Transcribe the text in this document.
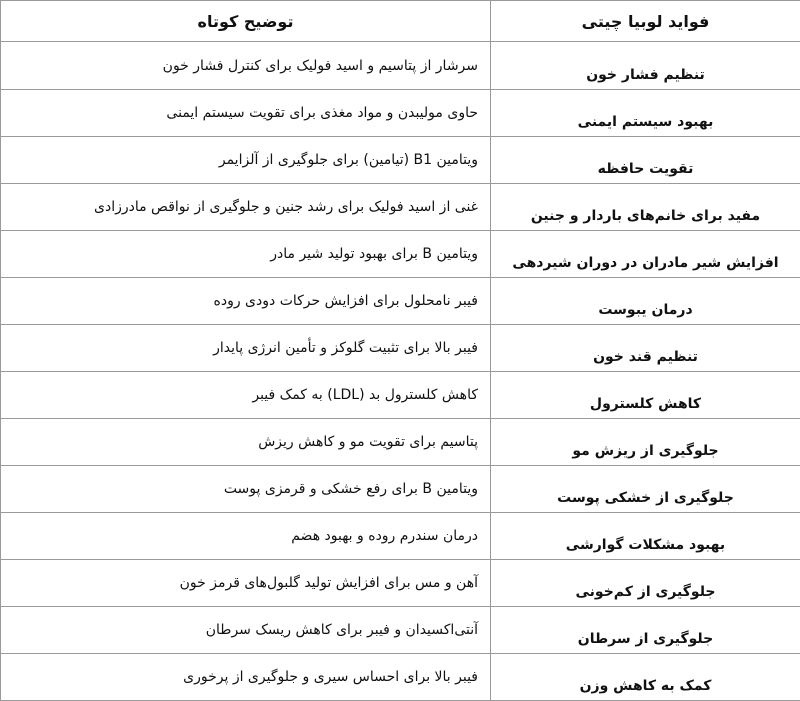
فواید لوبیا چیتی	توضیح کوتاه
تنظیم فشار خون	سرشار از پتاسیم و اسید فولیک برای کنترل فشار خون
بهبود سیستم ایمنی	حاوی مولیبدن و مواد مغذی برای تقویت سیستم ایمنی
تقویت حافظه	ویتامین B1 (تیامین) برای جلوگیری از آلزایمر
مفید برای خانم‌های باردار و جنین	غنی از اسید فولیک برای رشد جنین و جلوگیری از نواقص مادرزادی
افزایش شیر مادران در دوران شیردهی	ویتامین B برای بهبود تولید شیر مادر
درمان یبوست	فیبر نامحلول برای افزایش حرکات دودی روده
تنظیم قند خون	فیبر بالا برای تثبیت گلوکز و تأمین انرژی پایدار
کاهش کلسترول	کاهش کلسترول بد (LDL) به کمک فیبر
جلوگیری از ریزش مو	پتاسیم برای تقویت مو و کاهش ریزش
جلوگیری از خشکی پوست	ویتامین B برای رفع خشکی و قرمزی پوست
بهبود مشکلات گوارشی	درمان سندرم روده و بهبود هضم
جلوگیری از کم‌خونی	آهن و مس برای افزایش تولید گلبول‌های قرمز خون
جلوگیری از سرطان	آنتی‌اکسیدان و فیبر برای کاهش ریسک سرطان
کمک به کاهش وزن	فیبر بالا برای احساس سیری و جلوگیری از پرخوری
